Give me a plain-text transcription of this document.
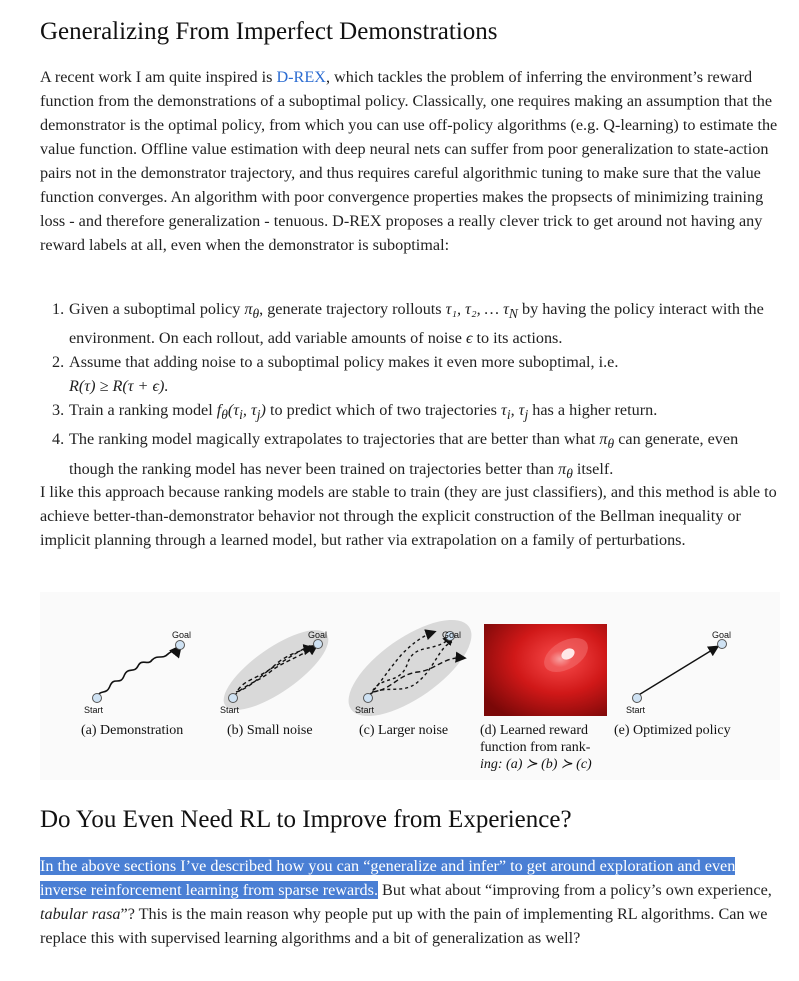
Generalizing From Imperfect Demonstrations

A recent work I am quite inspired is D-REX, which tackles the problem of inferring the environment’s reward function from the demonstrations of a suboptimal policy. Classically, one requires making an assumption that the demonstrator is the optimal policy, from which you can use off-policy algorithms (e.g. Q-learning) to estimate the value function. Offline value estimation with deep neural nets can suffer from poor generalization to state-action pairs not in the demonstrator trajectory, and thus requires careful algorithmic tuning to make sure that the value function converges. An algorithm with poor convergence properties makes the propsects of minimizing training loss - and therefore generalization - tenuous. D-REX proposes a really clever trick to get around not having any reward labels at all, even when the demonstrator is suboptimal:

1. Given a suboptimal policy $\pi_\theta$, generate trajectory rollouts τ₁, τ₂, … $\tau_N$ by having the policy interact with the environment. On each rollout, add variable amounts of noise ϵ to its actions.
2. Assume that adding noise to a suboptimal policy makes it even more suboptimal, i.e.
R(τ) ≥ R(τ + ϵ).
3. Train a ranking model $f_\theta(\tau_i$, $\tau_j$) to predict which of two trajectories $\tau_i$, $\tau_j$ has a higher return.
4. The ranking model magically extrapolates to trajectories that are better than what $\pi_\theta$ can generate, even though the ranking model has never been trained on trajectories better than $\pi_\theta$ itself.

I like this approach because ranking models are stable to train (they are just classifiers), and this method is able to achieve better-than-demonstrator behavior not through the explicit construction of the Bellman inequality or implicit planning through a learned model, but rather via extrapolation on a family of perturbations.

Start
Goal
Start
Goal
Start
Goal
Start
Goal
(a) Demonstration	(b) Small noise	(c) Larger noise (d) Learned reward
function from rank-
ing: (a) ≻ (b) ≻ (c)
(e) Optimized policy
Do You Even Need RL to Improve from Experience?

In the above sections I’ve described how you can “generalize and infer” to get around exploration and even inverse reinforcement learning from sparse rewards. But what about “improving from a policy’s own experience, tabular rasa”? This is the main reason why people put up with the pain of implementing RL algorithms. Can we replace this with supervised learning algorithms and a bit of generalization as well?
